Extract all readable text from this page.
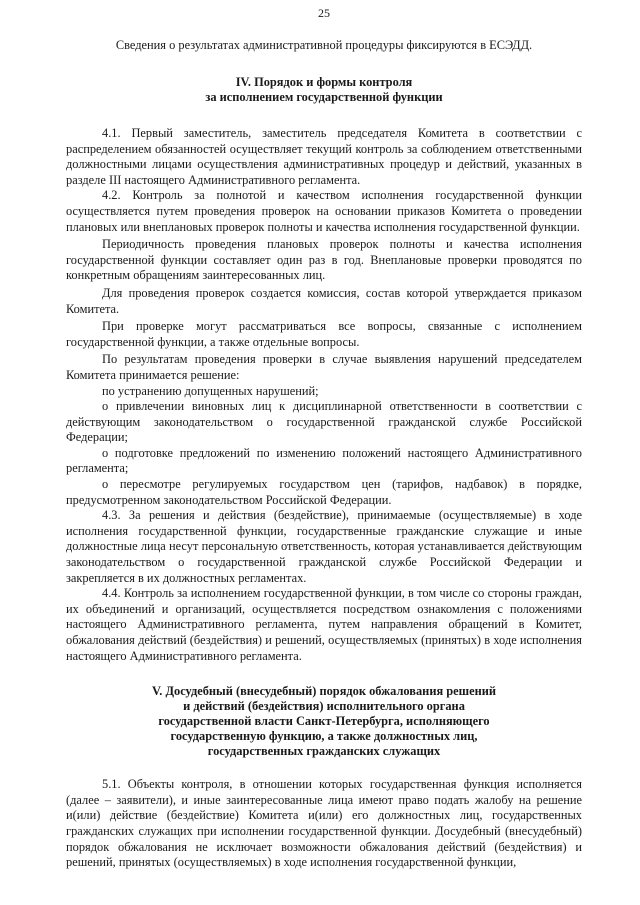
25
Сведения о результатах административной процедуры фиксируются в ЕСЭДД.
IV. Порядок и формы контроля
за исполнением государственной функции

4.1. Первый заместитель, заместитель председателя Комитета в соответствии с распределением обязанностей осуществляет текущий контроль за соблюдением ответственными должностными лицами осуществления административных процедур и действий, указанных в разделе III настоящего Административного регламента.

4.2. Контроль за полнотой и качеством исполнения государственной функции осуществляется путем проведения проверок на основании приказов Комитета о проведении плановых или внеплановых проверок полноты и качества исполнения государственной функции.

Периодичность проведения плановых проверок полноты и качества исполнения государственной функции составляет один раз в год. Внеплановые проверки проводятся по конкретным обращениям заинтересованных лиц.

Для проведения проверок создается комиссия, состав которой утверждается приказом Комитета.

При проверке могут рассматриваться все вопросы, связанные с исполнением государственной функции, а также отдельные вопросы.

По результатам проведения проверки в случае выявления нарушений председателем Комитета принимается решение:

по устранению допущенных нарушений;

о привлечении виновных лиц к дисциплинарной ответственности в соответствии с действующим законодательством о государственной гражданской службе Российской Федерации;

о подготовке предложений по изменению положений настоящего Административного регламента;

о пересмотре регулируемых государством цен (тарифов, надбавок) в порядке, предусмотренном законодательством Российской Федерации.

4.3. За решения и действия (бездействие), принимаемые (осуществляемые) в ходе исполнения государственной функции, государственные гражданские служащие и иные должностные лица несут персональную ответственность, которая устанавливается действующим законодательством о государственной гражданской службе Российской Федерации и закрепляется в их должностных регламентах.

4.4. Контроль за исполнением государственной функции, в том числе со стороны граждан, их объединений и организаций, осуществляется посредством ознакомления с положениями настоящего Административного регламента, путем направления обращений в Комитет, обжалования действий (бездействия) и решений, осуществляемых (принятых) в ходе исполнения настоящего Административного регламента.

V. Досудебный (внесудебный) порядок обжалования решений
и действий (бездействия) исполнительного органа
государственной власти Санкт-Петербурга, исполняющего
государственную функцию, а также должностных лиц,
государственных гражданских служащих

5.1. Объекты контроля, в отношении которых государственная функция исполняется (далее – заявители), и иные заинтересованные лица имеют право подать жалобу на решение и(или) действие (бездействие) Комитета и(или) его должностных лиц, государственных гражданских служащих при исполнении государственной функции. Досудебный (внесудебный) порядок обжалования не исключает возможности обжалования действий (бездействия) и решений, принятых (осуществляемых) в ходе исполнения государственной функции,
